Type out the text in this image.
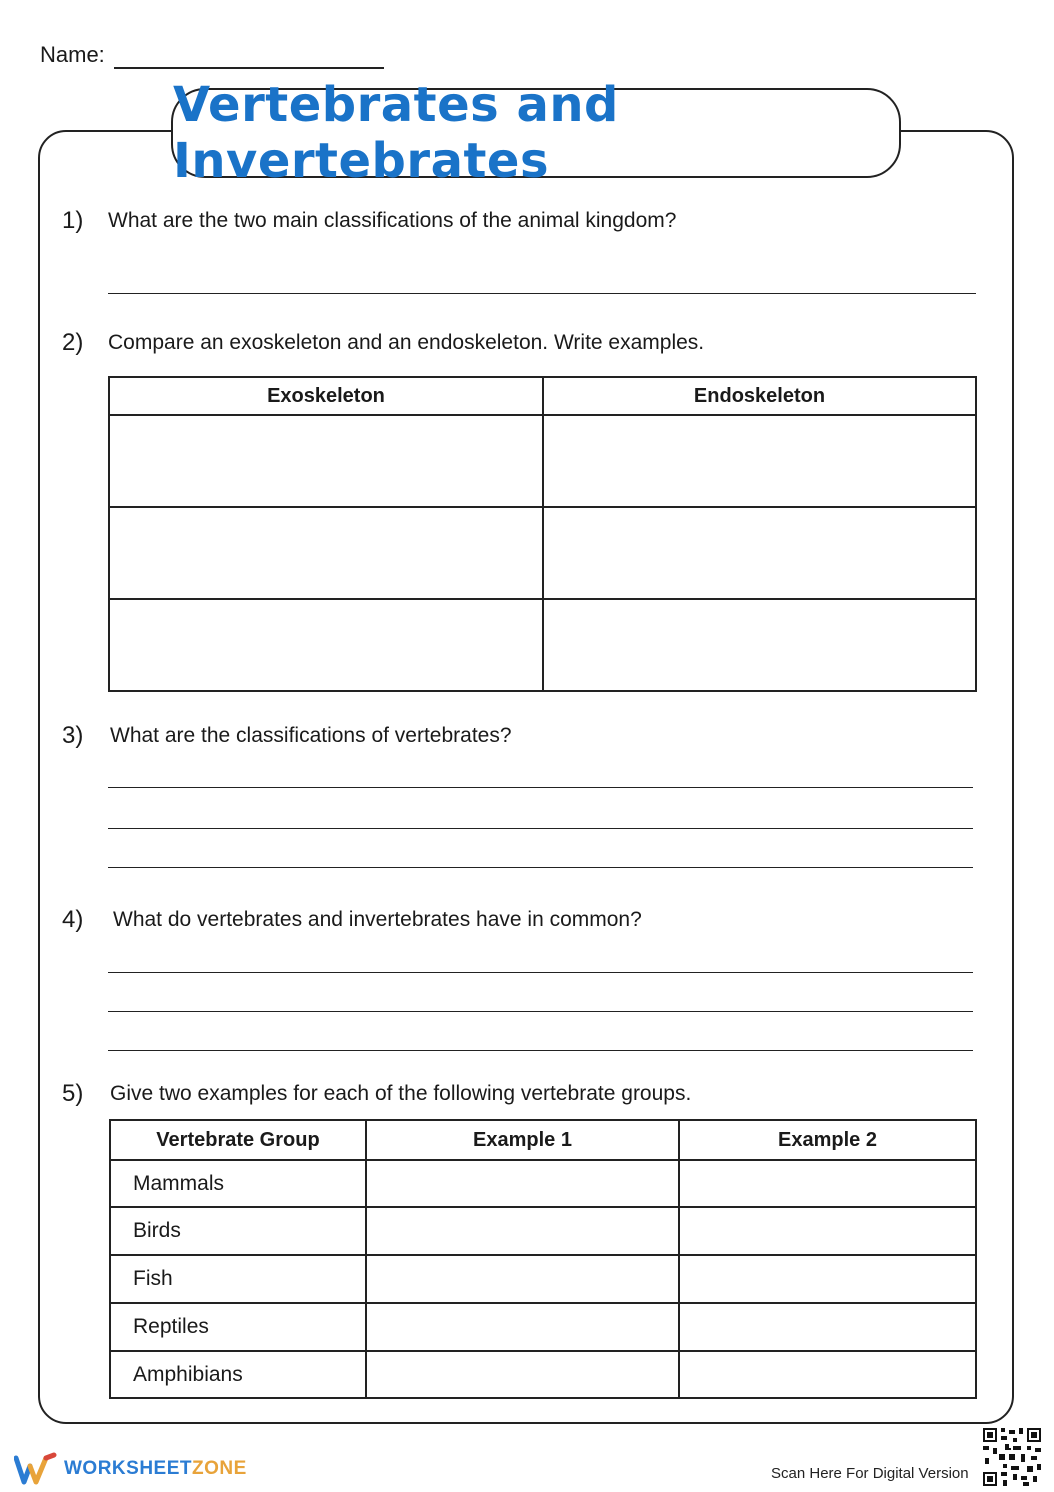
Name:
Vertebrates and Invertebrates
1) What are the two main classifications of the animal kingdom?
2) Compare an exoskeleton and an endoskeleton. Write examples.
Exoskeleton	Endoskeleton

3) What are the classifications of vertebrates?
4) What do vertebrates and invertebrates have in common?
5) Give two examples for each of the following vertebrate groups.
Vertebrate Group	Example 1	Example 2
Mammals		
Birds		
Fish		
Reptiles		
Amphibians		
WORKSHEETZONE	Scan Here For Digital Version
